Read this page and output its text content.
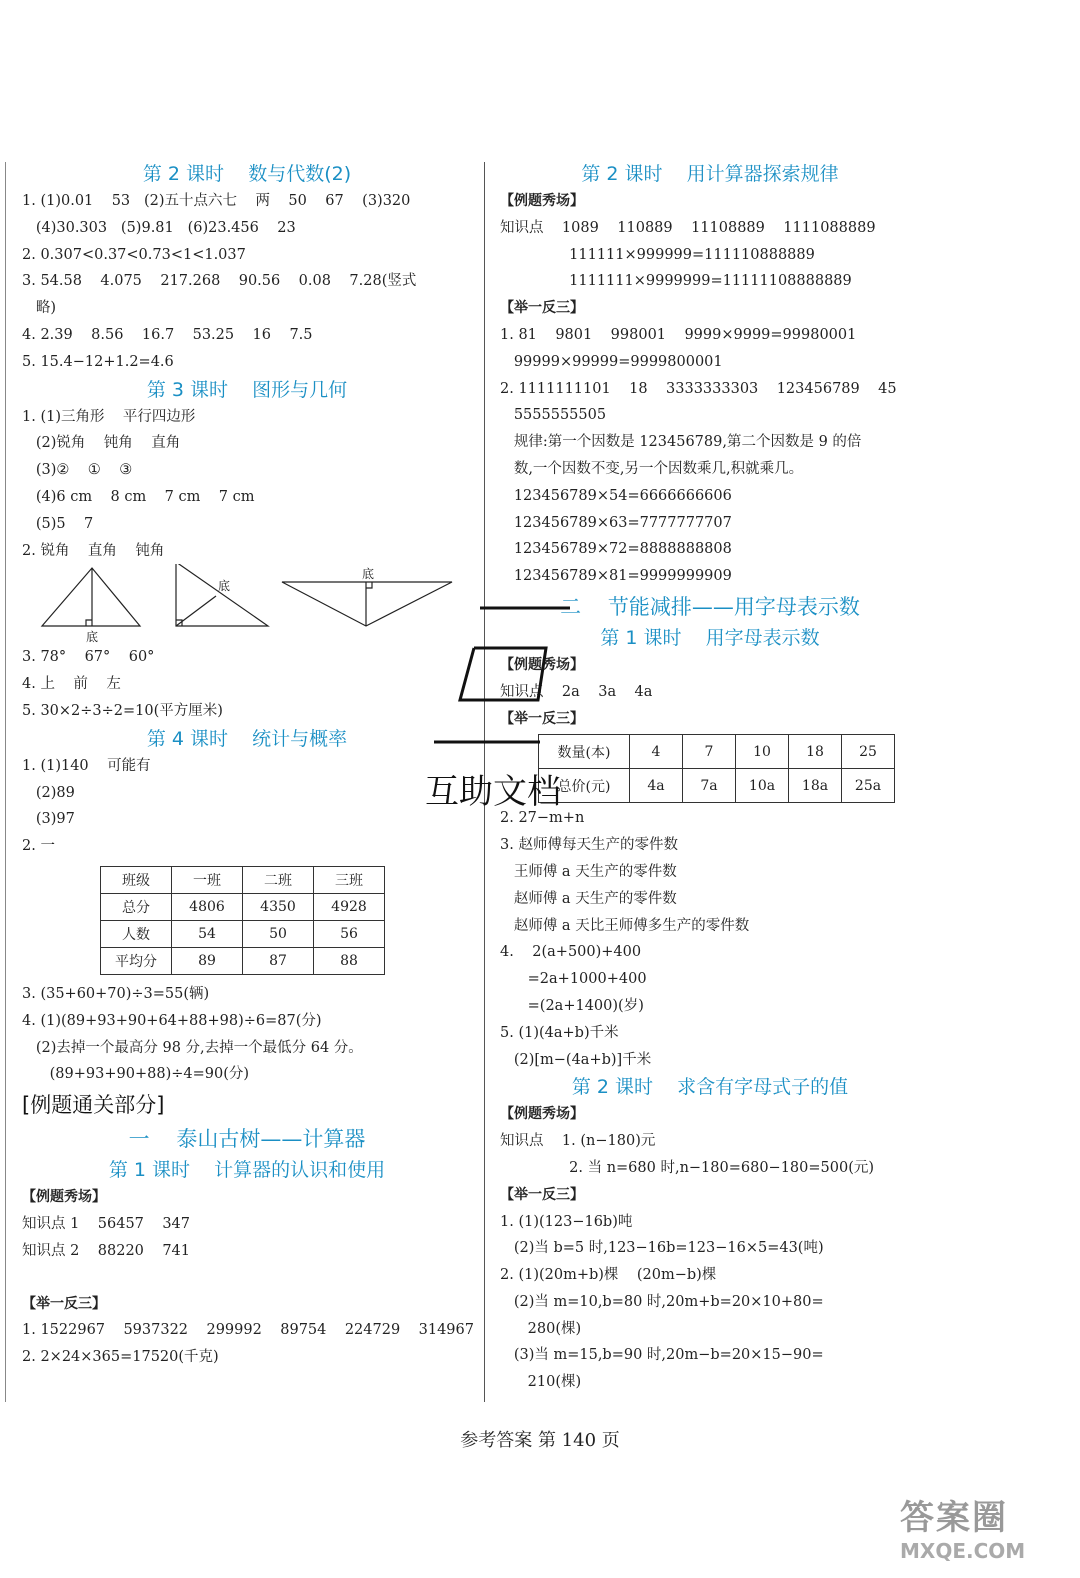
第 2 课时    数与代数(2)
1. (1)0.01    53   (2)五十点六七    两    50    67    (3)320
(4)30.303   (5)9.81   (6)23.456    23
2. 0.307<0.37<0.73<1<1.037
3. 54.58    4.075    217.268    90.56    0.08    7.28(竖式
略)
4. 2.39    8.56    16.7    53.25    16    7.5
5. 15.4−12+1.2=4.6
第 3 课时    图形与几何
1. (1)三角形    平行四边形
(2)锐角    钝角    直角
(3)②    ①    ③
(4)6 cm    8 cm    7 cm    7 cm
(5)5    7
2. 锐角    直角    钝角
底
底
底
3. 78°    67°    60°
4. 上    前    左
5. 30×2÷3÷2=10(平方厘米)
第 4 课时    统计与概率
1. (1)140    可能有
(2)89
(3)97
2. 一
班级	一班	二班	三班
总分	4806	4350	4928
人数	54	50	56
平均分	89	87	88
3. (35+60+70)÷3=55(辆)
4. (1)(89+93+90+64+88+98)÷6=87(分)
(2)去掉一个最高分 98 分,去掉一个最低分 64 分。
(89+93+90+88)÷4=90(分)
[例题通关部分]
一    泰山古树——计算器
第 1 课时    计算器的认识和使用
【例题秀场】
知识点 1    56457    347
知识点 2    88220    741
【举一反三】
1. 1522967    5937322    299992    89754    224729    314967
2. 2×24×365=17520(千克)
第 2 课时    用计算器探索规律
【例题秀场】
知识点    1089    110889    11108889    1111088889
111111×999999=111110888889
1111111×9999999=11111108888889
【举一反三】
1. 81    9801    998001    9999×9999=99980001
99999×99999=9999800001
2. 1111111101    18    3333333303    123456789    45
5555555505
规律:第一个因数是 123456789,第二个因数是 9 的倍
数,一个因数不变,另一个因数乘几,积就乘几。
123456789×54=6666666606
123456789×63=7777777707
123456789×72=8888888808
123456789×81=9999999909
二    节能减排——用字母表示数
第 1 课时    用字母表示数
【例题秀场】
知识点    2a    3a    4a
【举一反三】
数量(本)	4	7	10	18	25
总价(元)	4a	7a	10a	18a	25a
2. 27−m+n
3. 赵师傅每天生产的零件数
王师傅 a 天生产的零件数
赵师傅 a 天生产的零件数
赵师傅 a 天比王师傅多生产的零件数
4.    2(a+500)+400
=2a+1000+400
=(2a+1400)(岁)
5. (1)(4a+b)千米
(2)[m−(4a+b)]千米
第 2 课时    求含有字母式子的值
【例题秀场】
知识点    1. (n−180)元
2. 当 n=680 时,n−180=680−180=500(元)
【举一反三】
1. (1)(123−16b)吨
(2)当 b=5 时,123−16b=123−16×5=43(吨)
2. (1)(20m+b)棵    (20m−b)棵
(2)当 m=10,b=80 时,20m+b=20×10+80=
280(棵)
(3)当 m=15,b=90 时,20m−b=20×15−90=
210(棵)
互助文档
参考答案 第 140 页
答案圈
MXQE.COM
